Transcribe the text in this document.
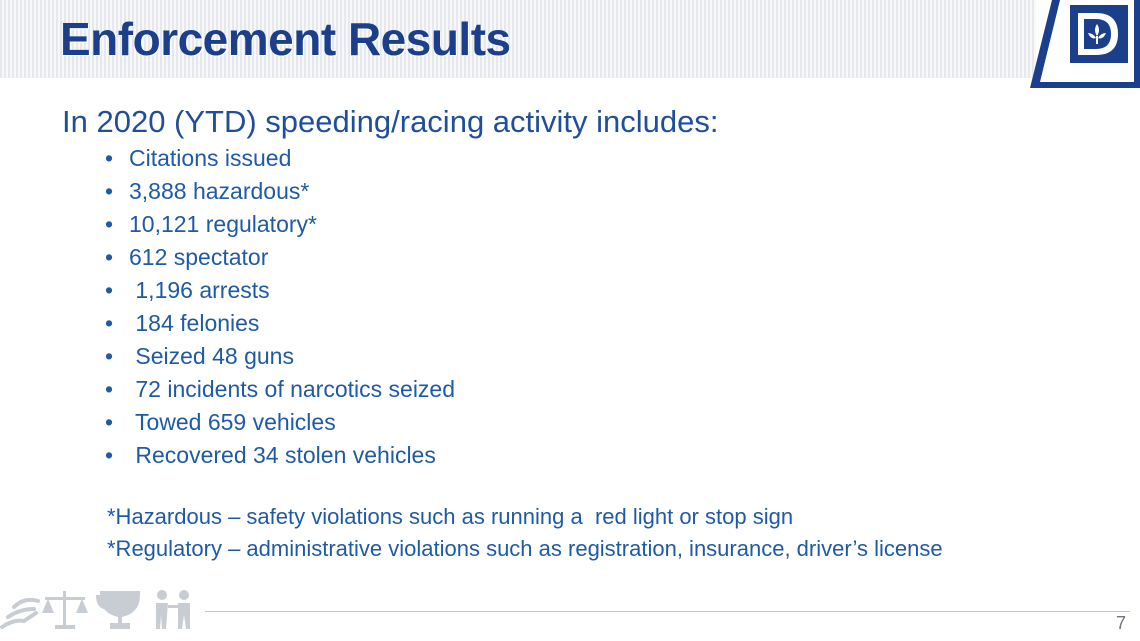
Enforcement Results
In 2020 (YTD) speeding/racing activity includes:
• Citations issued
• 3,888 hazardous*
• 10,121 regulatory*
• 612 spectator
• 1,196 arrests
• 184 felonies
• Seized 48 guns
• 72 incidents of narcotics seized
• Towed 659 vehicles
• Recovered 34 stolen vehicles
*Hazardous – safety violations such as running a  red light or stop sign
*Regulatory – administrative violations such as registration, insurance, driver’s license
7
